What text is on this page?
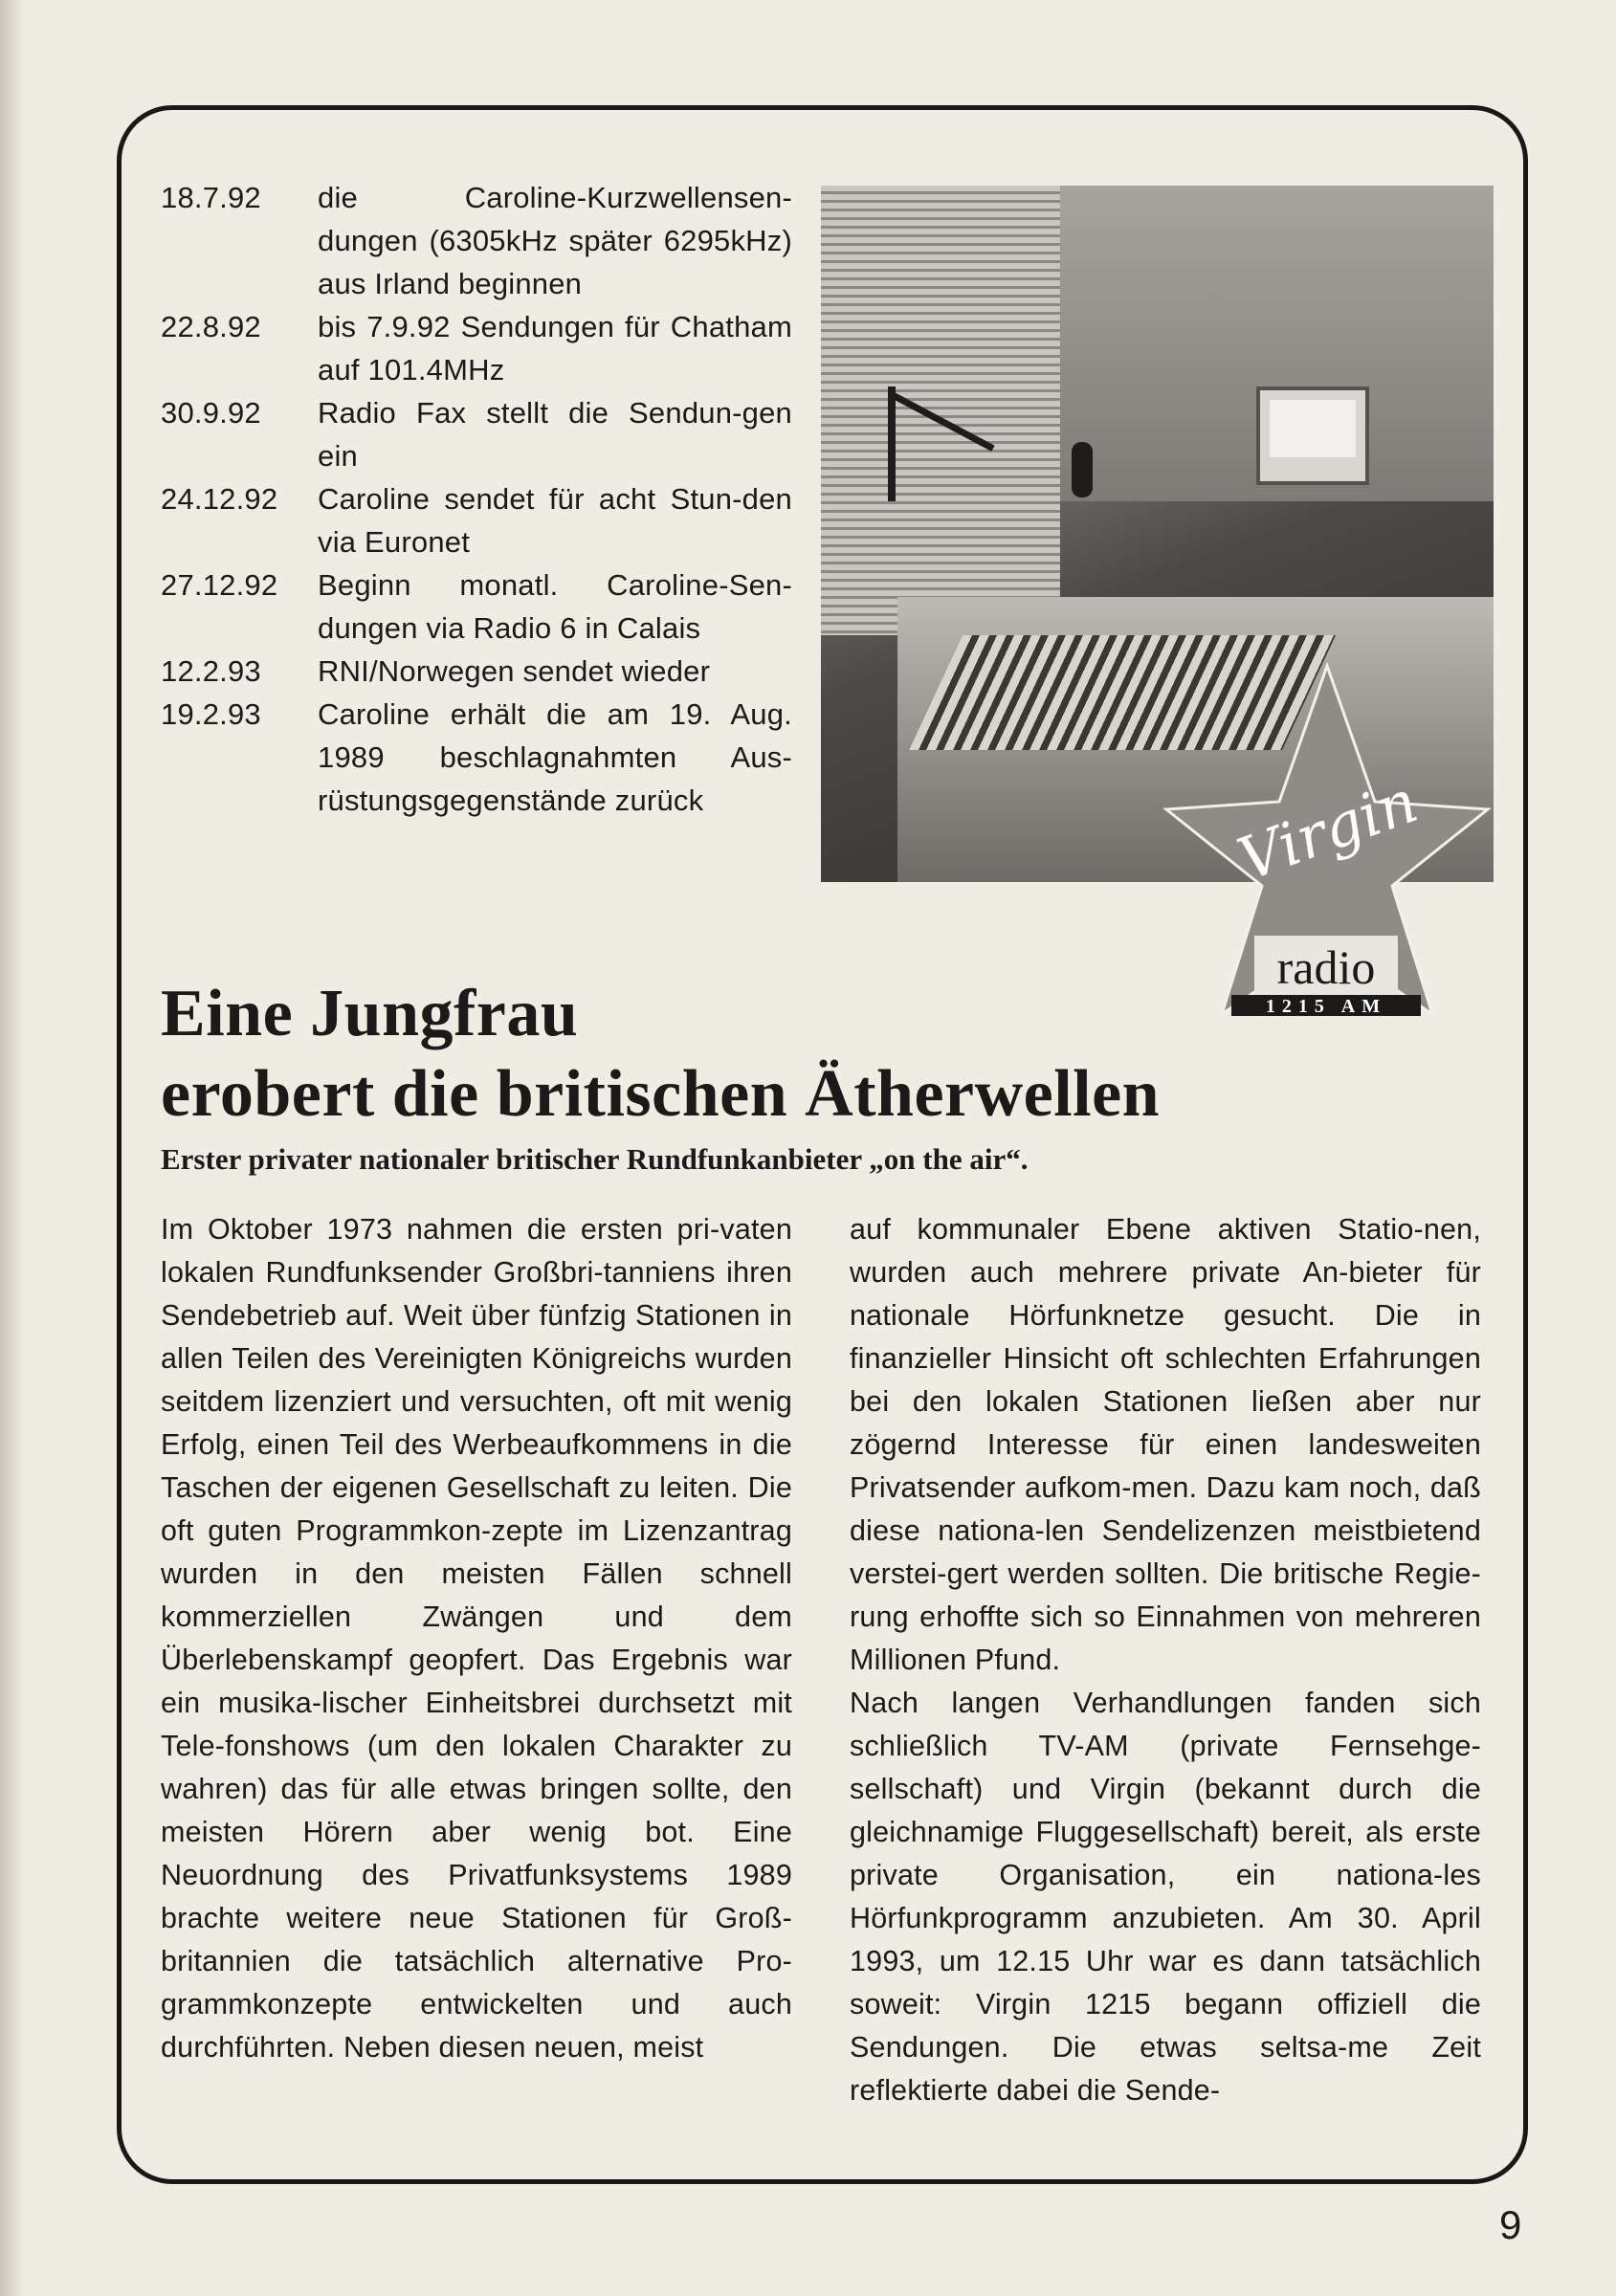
18.7.92	die Caroline-Kurzwellensen-dungen (6305kHz später 6295kHz) aus Irland beginnen
22.8.92	bis 7.9.92 Sendungen für Chatham auf 101.4MHz
30.9.92	Radio Fax stellt die Sendun-gen ein
24.12.92	Caroline sendet für acht Stun-den via Euronet
27.12.92	Beginn monatl. Caroline-Sen-dungen via Radio 6 in Calais
12.2.93	RNI/Norwegen sendet wieder
19.2.93	Caroline erhält die am 19. Aug. 1989 beschlagnahmten Aus-rüstungsgegenstände zurück	Virgin
radio
1215 AM
Eine Jungfrau
erobert die britischen Ätherwellen
Erster privater nationaler britischer Rundfunkanbieter „on the air“.

Im Oktober 1973 nahmen die ersten pri-vaten lokalen Rundfunksender Großbri-tanniens ihren Sendebetrieb auf. Weit über fünfzig Stationen in allen Teilen des Vereinigten Königreichs wurden seitdem lizenziert und versuchten, oft mit wenig Erfolg, einen Teil des Werbeaufkommens in die Taschen der eigenen Gesellschaft zu leiten. Die oft guten Programmkon-zepte im Lizenzantrag wurden in den meisten Fällen schnell kommerziellen Zwängen und dem Überlebenskampf geopfert. Das Ergebnis war ein musika-lischer Einheitsbrei durchsetzt mit Tele-fonshows (um den lokalen Charakter zu wahren) das für alle etwas bringen sollte, den meisten Hörern aber wenig bot. Eine Neuordnung des Privatfunksystems 1989 brachte weitere neue Stationen für Groß-britannien die tatsächlich alternative Pro-grammkonzepte entwickelten und auch durchführten. Neben diesen neuen, meist

auf kommunaler Ebene aktiven Statio-nen, wurden auch mehrere private An-bieter für nationale Hörfunknetze gesucht. Die in finanzieller Hinsicht oft schlechten Erfahrungen bei den lokalen Stationen ließen aber nur zögernd Interesse für einen landesweiten Privatsender aufkom-men. Dazu kam noch, daß diese nationa-len Sendelizenzen meistbietend verstei-gert werden sollten. Die britische Regie-rung erhoffte sich so Einnahmen von mehreren Millionen Pfund.

Nach langen Verhandlungen fanden sich schließlich TV-AM (private Fernsehge-sellschaft) und Virgin (bekannt durch die gleichnamige Fluggesellschaft) bereit, als erste private Organisation, ein nationa-les Hörfunkprogramm anzubieten. Am 30. April 1993, um 12.15 Uhr war es dann tatsächlich soweit: Virgin 1215 begann offiziell die Sendungen. Die etwas seltsa-me Zeit reflektierte dabei die Sende-

9
